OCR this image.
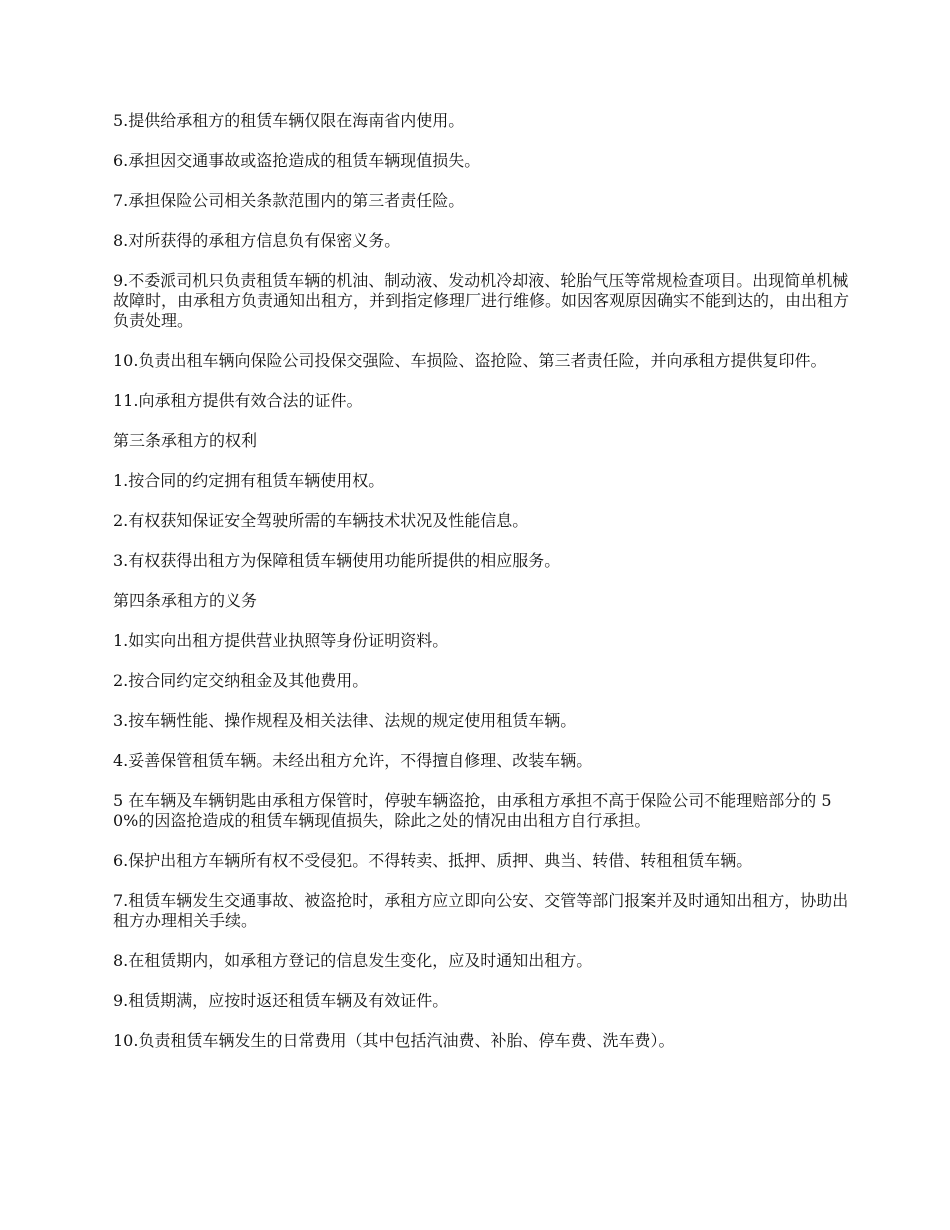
5.提供给承租方的租赁车辆仅限在海南省内使用。

6.承担因交通事故或盗抢造成的租赁车辆现值损失。

7.承担保险公司相关条款范围内的第三者责任险。

8.对所获得的承租方信息负有保密义务。

9.不委派司机只负责租赁车辆的机油、制动液、发动机冷却液、轮胎气压等常规检查项目。出现简单机械故障时，由承租方负责通知出租方，并到指定修理厂进行维修。如因客观原因确实不能到达的，由出租方负责处理。

10.负责出租车辆向保险公司投保交强险、车损险、盗抢险、第三者责任险，并向承租方提供复印件。

11.向承租方提供有效合法的证件。

第三条承租方的权利

1.按合同的约定拥有租赁车辆使用权。

2.有权获知保证安全驾驶所需的车辆技术状况及性能信息。

3.有权获得出租方为保障租赁车辆使用功能所提供的相应服务。

第四条承租方的义务

1.如实向出租方提供营业执照等身份证明资料。

2.按合同约定交纳租金及其他费用。

3.按车辆性能、操作规程及相关法律、法规的规定使用租赁车辆。

4.妥善保管租赁车辆。未经出租方允许，不得擅自修理、改装车辆。

5 在车辆及车辆钥匙由承租方保管时，停驶车辆盗抢，由承租方承担不高于保险公司不能理赔部分的 50%的因盗抢造成的租赁车辆现值损失，除此之处的情况由出租方自行承担。

6.保护出租方车辆所有权不受侵犯。不得转卖、抵押、质押、典当、转借、转租租赁车辆。

7.租赁车辆发生交通事故、被盗抢时，承租方应立即向公安、交管等部门报案并及时通知出租方，协助出租方办理相关手续。

8.在租赁期内，如承租方登记的信息发生变化，应及时通知出租方。

9.租赁期满，应按时返还租赁车辆及有效证件。

10.负责租赁车辆发生的日常费用（其中包括汽油费、补胎、停车费、洗车费）。
